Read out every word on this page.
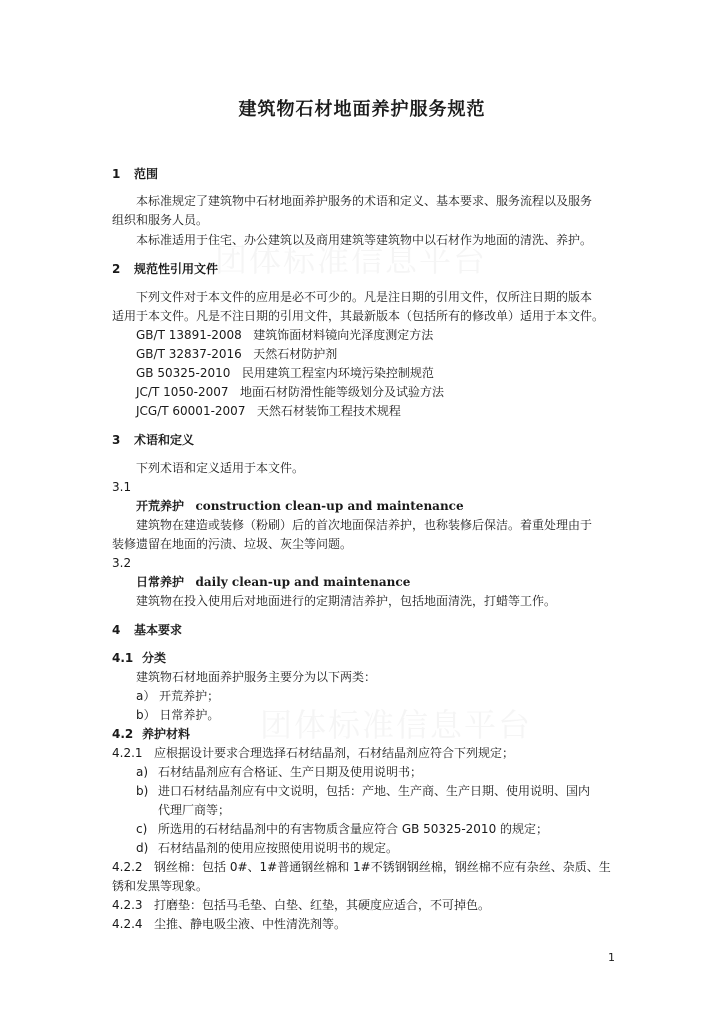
团体标准信息平台
团体标准信息平台
建筑物石材地面养护服务规范
1 范围
本标准规定了建筑物中石材地面养护服务的术语和定义、基本要求、服务流程以及服务
组织和服务人员。
本标准适用于住宅、办公建筑以及商用建筑等建筑物中以石材作为地面的清洗、养护。
2 规范性引用文件
下列文件对于本文件的应用是必不可少的。凡是注日期的引用文件，仅所注日期的版本
适用于本文件。凡是不注日期的引用文件，其最新版本（包括所有的修改单）适用于本文件。
GB/T 13891-2008 建筑饰面材料镜向光泽度测定方法
GB/T 32837-2016 天然石材防护剂
GB 50325-2010 民用建筑工程室内环境污染控制规范
JC/T 1050-2007 地面石材防滑性能等级划分及试验方法
JCG/T 60001-2007 天然石材装饰工程技术规程
3 术语和定义
下列术语和定义适用于本文件。
3.1
开荒养护 construction clean-up and maintenance
建筑物在建造或装修（粉刷）后的首次地面保洁养护，也称装修后保洁。着重处理由于
装修遗留在地面的污渍、垃圾、灰尘等问题。
3.2
日常养护 daily clean-up and maintenance
建筑物在投入使用后对地面进行的定期清洁养护，包括地面清洗，打蜡等工作。
4 基本要求
4.1 分类
建筑物石材地面养护服务主要分为以下两类：
a） 开荒养护；
b） 日常养护。
4.2 养护材料
4.2.1 应根据设计要求合理选择石材结晶剂，石材结晶剂应符合下列规定；
a) 石材结晶剂应有合格证、生产日期及使用说明书；
b) 进口石材结晶剂应有中文说明，包括：产地、生产商、生产日期、使用说明、国内
代理厂商等；
c) 所选用的石材结晶剂中的有害物质含量应符合 GB 50325-2010 的规定；
d) 石材结晶剂的使用应按照使用说明书的规定。
4.2.2 钢丝棉：包括 0#、1#普通钢丝棉和 1#不锈钢钢丝棉，钢丝棉不应有杂丝、杂质、生
锈和发黑等现象。
4.2.3 打磨垫：包括马毛垫、白垫、红垫，其硬度应适合，不可掉色。
4.2.4 尘推、静电吸尘液、中性清洗剂等。
1
